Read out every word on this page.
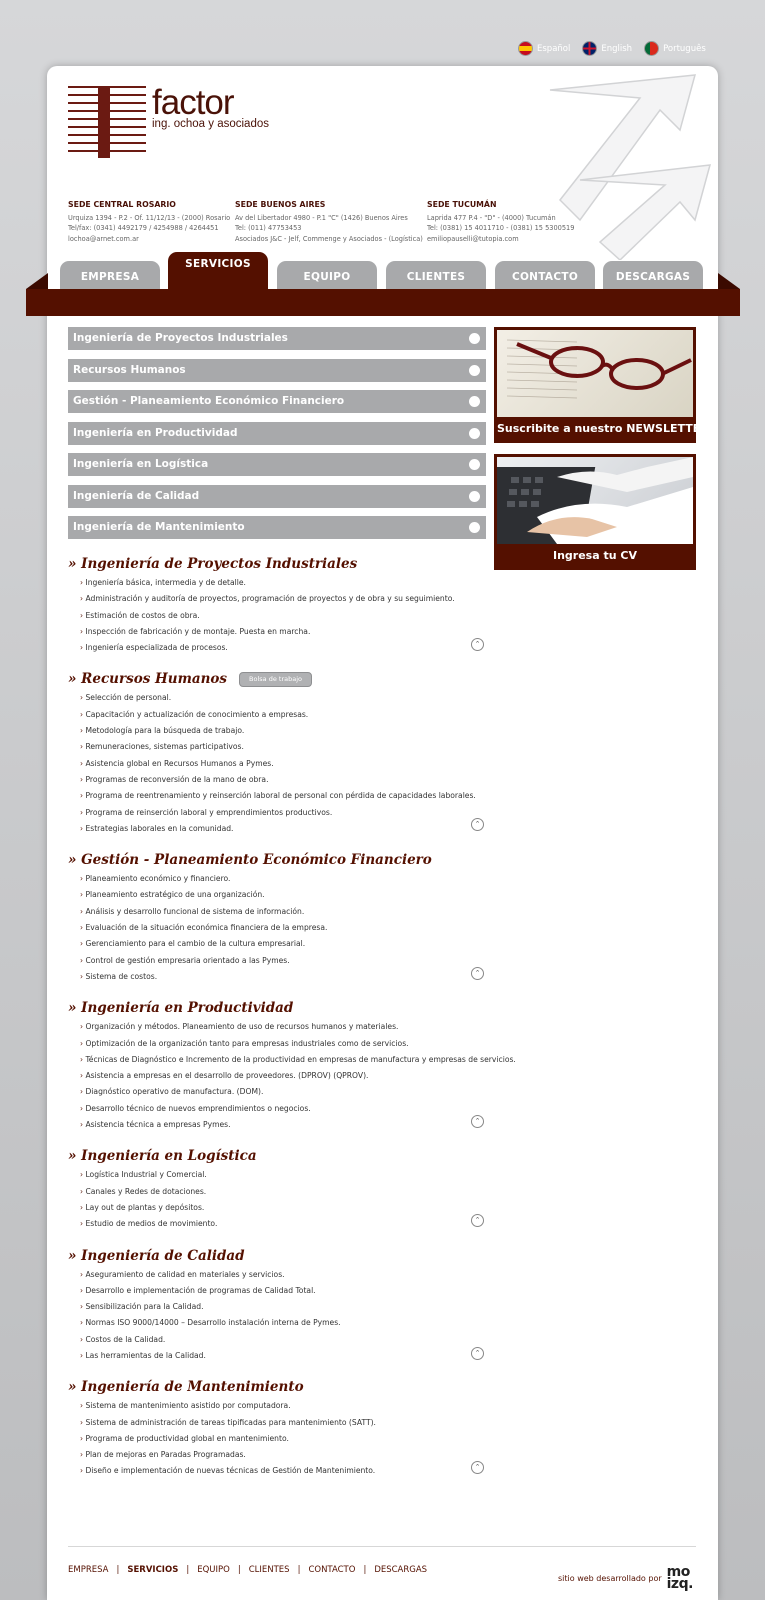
Español	English	Português
factor
ing. ochoa y asociados
SEDE CENTRAL ROSARIO
Urquiza 1394 - P.2 - Of. 11/12/13 - (2000) Rosario
Tel/fax: (0341) 4492179 / 4254988 / 4264451
lochoa@arnet.com.ar
SEDE BUENOS AIRES
Av del Libertador 4980 - P.1 "C" (1426) Buenos Aires
Tel: (011) 47753453
Asociados J&C - Jelf, Commenge y Asociados - (Logística)
SEDE TUCUMÁN
Laprida 477 P.4 - "D" - (4000) Tucumán
Tel: (0381) 15 4011710 - (0381) 15 5300519
emiliopauselli@tutopia.com
EMPRESA
SERVICIOS
EQUIPO	CLIENTES	CONTACTO	DESCARGAS
Ingeniería de Proyectos Industriales
Recursos Humanos
Gestión - Planeamiento Económico Financiero
Ingeniería en Productividad
Ingeniería en Logística
Ingeniería de Calidad
Ingeniería de Mantenimiento
Suscribite a nuestro NEWSLETTER
Ingresa tu CV
» Ingeniería de Proyectos Industriales
› Ingeniería básica, intermedia y de detalle.
› Administración y auditoría de proyectos, programación de proyectos y de obra y su seguimiento.
› Estimación de costos de obra.
› Inspección de fabricación y de montaje. Puesta en marcha.
› Ingeniería especializada de procesos.	⌃
» Recursos Humanos	Bolsa de trabajo
› Selección de personal.
› Capacitación y actualización de conocimiento a empresas.
› Metodología para la búsqueda de trabajo.
› Remuneraciones, sistemas participativos.
› Asistencia global en Recursos Humanos a Pymes.
› Programas de reconversión de la mano de obra.
› Programa de reentrenamiento y reinserción laboral de personal con pérdida de capacidades laborales.
› Programa de reinserción laboral y emprendimientos productivos.
› Estrategias laborales en la comunidad.	⌃
» Gestión - Planeamiento Económico Financiero
› Planeamiento económico y financiero.
› Planeamiento estratégico de una organización.
› Análisis y desarrollo funcional de sistema de información.
› Evaluación de la situación económica financiera de la empresa.
› Gerenciamiento para el cambio de la cultura empresarial.
› Control de gestión empresaria orientado a las Pymes.
› Sistema de costos.	⌃
» Ingeniería en Productividad
› Organización y métodos. Planeamiento de uso de recursos humanos y materiales.
› Optimización de la organización tanto para empresas industriales como de servicios.
› Técnicas de Diagnóstico e Incremento de la productividad en empresas de manufactura y empresas de servicios.
› Asistencia a empresas en el desarrollo de proveedores. (DPROV) (QPROV).
› Diagnóstico operativo de manufactura. (DOM).
› Desarrollo técnico de nuevos emprendimientos o negocios.
› Asistencia técnica a empresas Pymes.	⌃
» Ingeniería en Logística
› Logística Industrial y Comercial.
› Canales y Redes de dotaciones.
› Lay out de plantas y depósitos.
› Estudio de medios de movimiento.	⌃
» Ingeniería de Calidad
› Aseguramiento de calidad en materiales y servicios.
› Desarrollo e implementación de programas de Calidad Total.
› Sensibilización para la Calidad.
› Normas ISO 9000/14000 – Desarrollo instalación interna de Pymes.
› Costos de la Calidad.
› Las herramientas de la Calidad.	⌃
» Ingeniería de Mantenimiento
› Sistema de mantenimiento asistido por computadora.
› Sistema de administración de tareas tipificadas para mantenimiento (SATT).
› Programa de productividad global en mantenimiento.
› Plan de mejoras en Paradas Programadas.
› Diseño e implementación de nuevas técnicas de Gestión de Mantenimiento.	⌃
EMPRESA | SERVICIOS | EQUIPO | CLIENTES | CONTACTO | DESCARGAS
sitio web desarrollado por mo izq.
